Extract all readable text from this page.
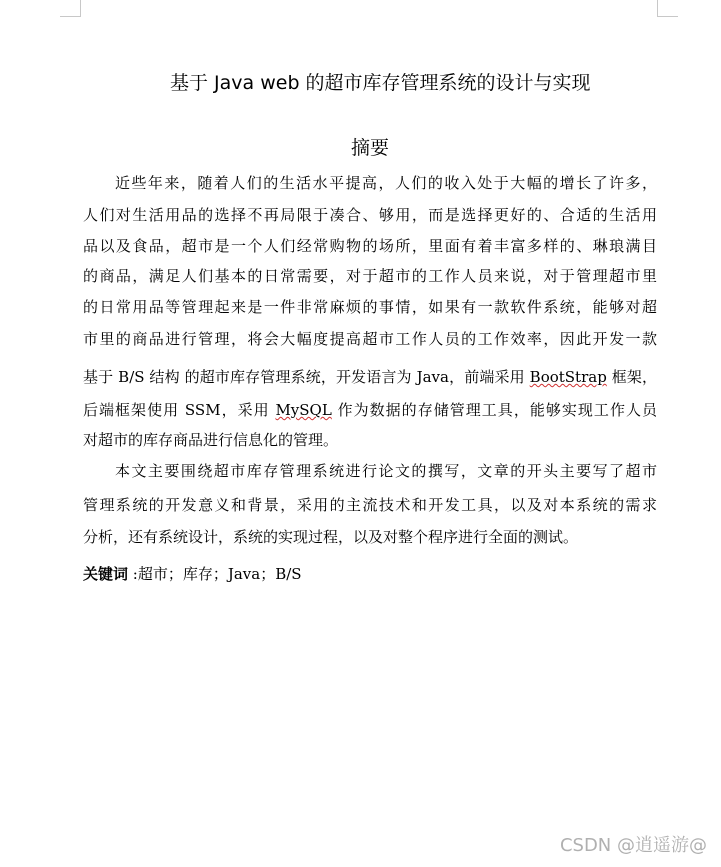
基于 Java web 的超市库存管理系统的设计与实现
摘要
近些年来，随着人们的生活水平提高，人们的收入处于大幅的增长了许多，
人们对生活用品的选择不再局限于凑合、够用，而是选择更好的、合适的生活用
品以及食品，超市是一个人们经常购物的场所，里面有着丰富多样的、琳琅满目
的商品，满足人们基本的日常需要，对于超市的工作人员来说，对于管理超市里
的日常用品等管理起来是一件非常麻烦的事情，如果有一款软件系统，能够对超
市里的商品进行管理，将会大幅度提高超市工作人员的工作效率，因此开发一款
基于 B/S 结构 的超市库存管理系统，开发语言为 Java，前端采用 BootStrap 框架，
后端框架使用 SSM，采用 MySQL 作为数据的存储管理工具，能够实现工作人员
对超市的库存商品进行信息化的管理。
本文主要围绕超市库存管理系统进行论文的撰写，文章的开头主要写了超市
管理系统的开发意义和背景，采用的主流技术和开发工具，以及对本系统的需求
分析，还有系统设计，系统的实现过程，以及对整个程序进行全面的测试。
关键词 :超市；库存；Java；B/S
CSDN @逍遥游@
